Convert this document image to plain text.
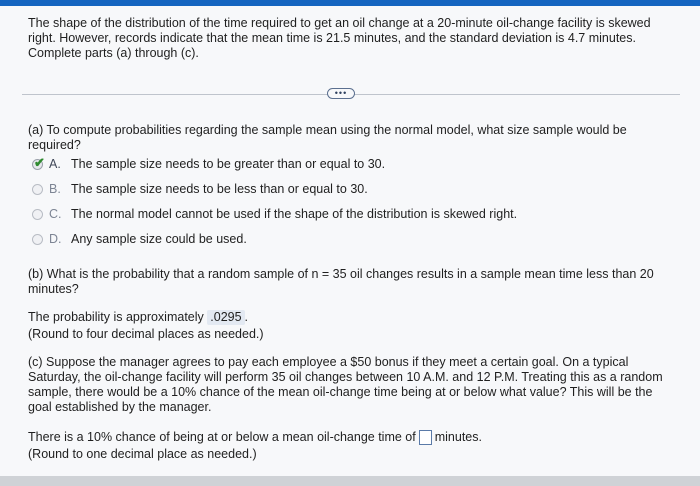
The shape of the distribution of the time required to get an oil change at a 20-minute oil-change facility is skewed right. However, records indicate that the mean time is 21.5 minutes, and the standard deviation is 4.7 minutes. Complete parts (a) through (c).
•••
(a) To compute probabilities regarding the sample mean using the normal model, what size sample would be required?
✔ A. The sample size needs to be greater than or equal to 30.
B. The sample size needs to be less than or equal to 30.
C. The normal model cannot be used if the shape of the distribution is skewed right.
D. Any sample size could be used.
(b) What is the probability that a random sample of n = 35 oil changes results in a sample mean time less than 20 minutes?
The probability is approximately .0295 .
(Round to four decimal places as needed.)
(c) Suppose the manager agrees to pay each employee a $50 bonus if they meet a certain goal. On a typical Saturday, the oil-change facility will perform 35 oil changes between 10 A.M. and 12 P.M. Treating this as a random sample, there would be a 10% chance of the mean oil-change time being at or below what value? This will be the goal established by the manager.
There is a 10% chance of being at or below a mean oil-change time of minutes.
(Round to one decimal place as needed.)
